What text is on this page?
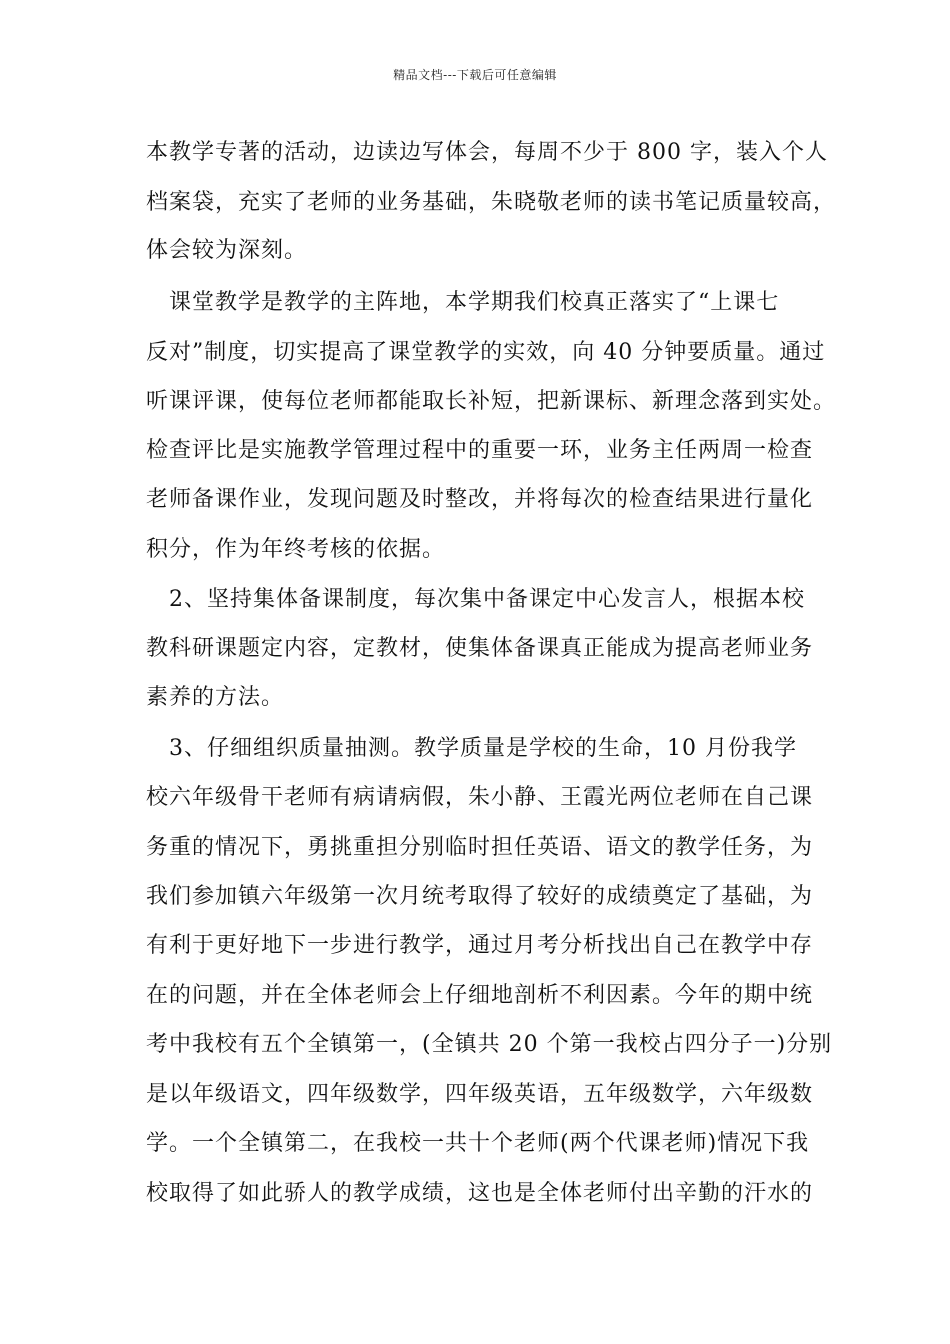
精品文档---下载后可任意编辑
本教学专著的活动，边读边写体会，每周不少于 800 字，装入个人
档案袋，充实了老师的业务基础，朱晓敬老师的读书笔记质量较高，
体会较为深刻。
　课堂教学是教学的主阵地，本学期我们校真正落实了“上课七
反对”制度，切实提高了课堂教学的实效，向 40 分钟要质量。通过
听课评课，使每位老师都能取长补短，把新课标、新理念落到实处。
检查评比是实施教学管理过程中的重要一环，业务主任两周一检查
老师备课作业，发现问题及时整改，并将每次的检查结果进行量化
积分，作为年终考核的依据。
　2、坚持集体备课制度，每次集中备课定中心发言人，根据本校
教科研课题定内容，定教材，使集体备课真正能成为提高老师业务
素养的方法。
　3、仔细组织质量抽测。教学质量是学校的生命，10 月份我学
校六年级骨干老师有病请病假，朱小静、王霞光两位老师在自己课
务重的情况下，勇挑重担分别临时担任英语、语文的教学任务，为
我们参加镇六年级第一次月统考取得了较好的成绩奠定了基础，为
有利于更好地下一步进行教学，通过月考分析找出自己在教学中存
在的问题，并在全体老师会上仔细地剖析不利因素。今年的期中统
考中我校有五个全镇第一，(全镇共 20 个第一我校占四分子一)分别
是以年级语文，四年级数学，四年级英语，五年级数学，六年级数
学。一个全镇第二，在我校一共十个老师(两个代课老师)情况下我
校取得了如此骄人的教学成绩，这也是全体老师付出辛勤的汗水的
